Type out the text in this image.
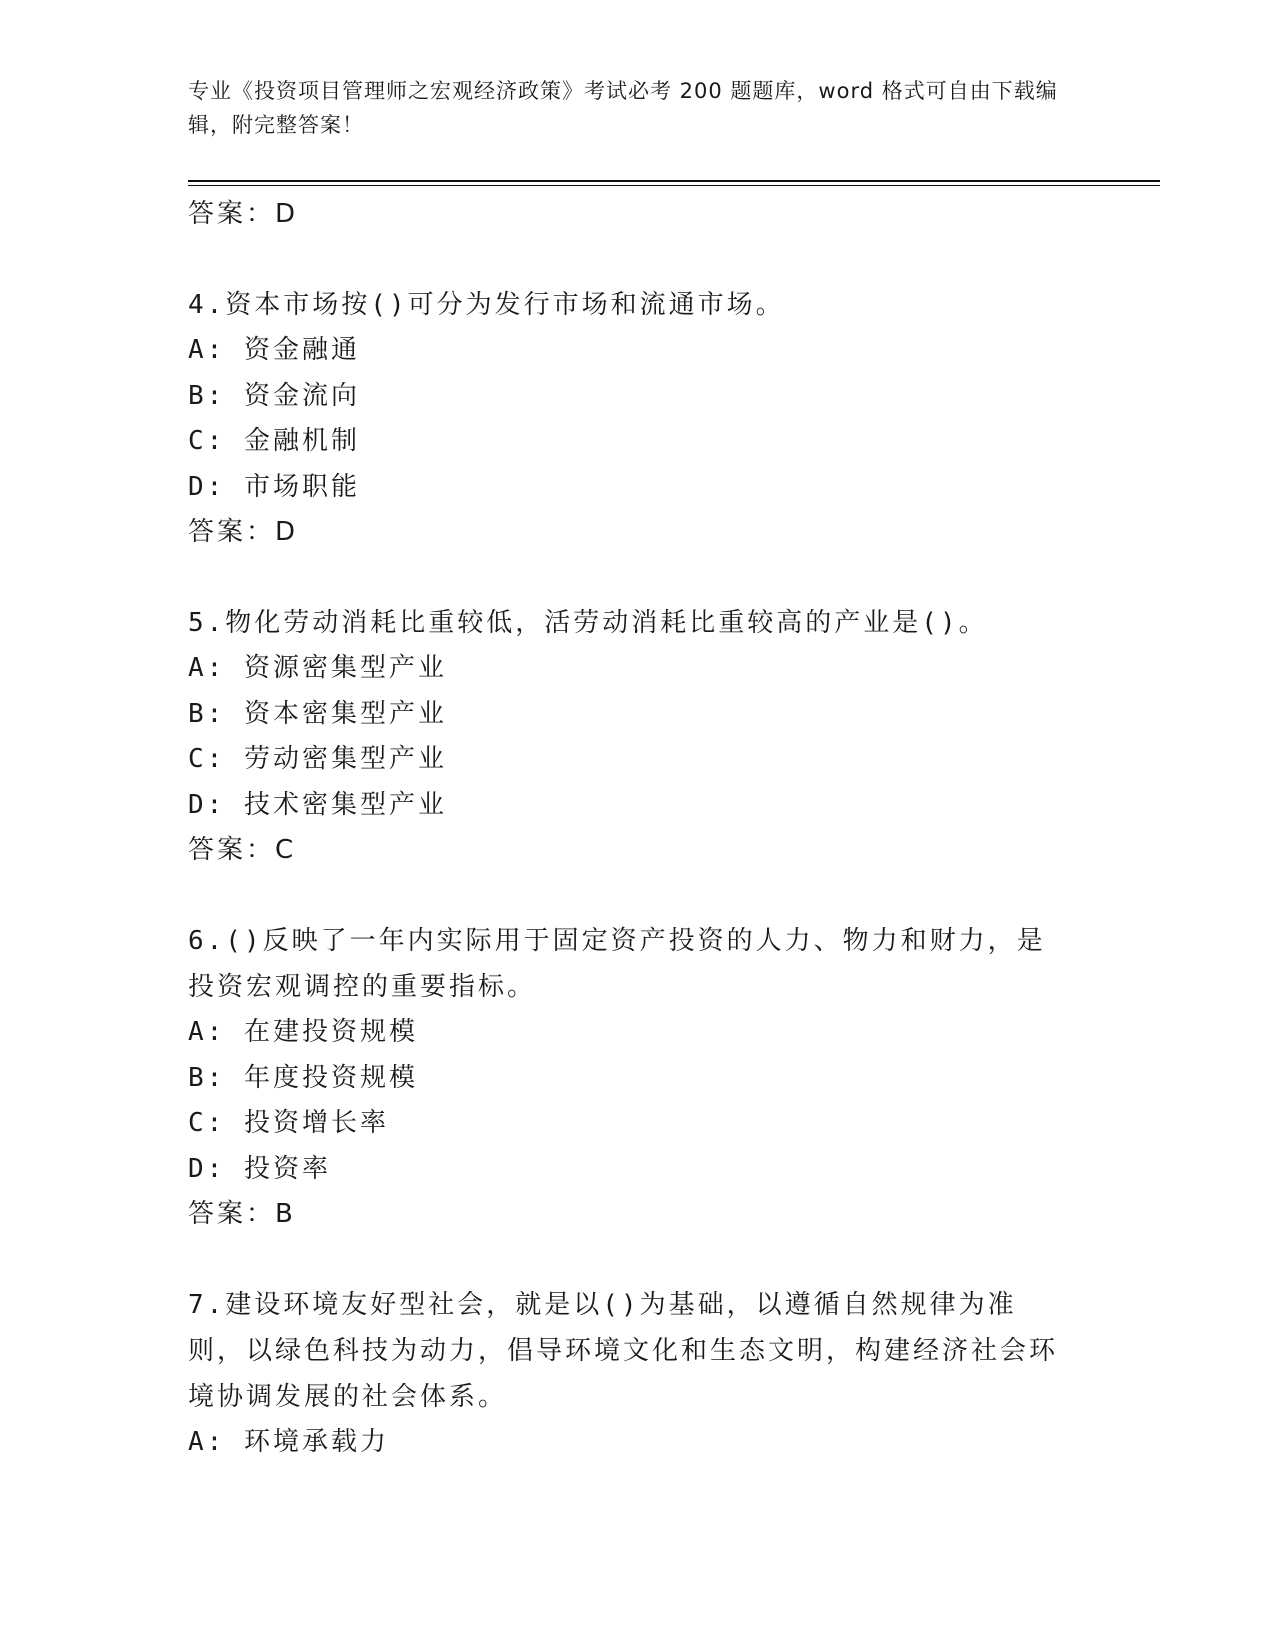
专业《投资项目管理师之宏观经济政策》考试必考 200 题题库，word 格式可自由下载编辑，附完整答案！
答案：D
4.资本市场按()可分为发行市场和流通市场。
A: 资金融通
B: 资金流向
C: 金融机制
D: 市场职能
答案：D
5.物化劳动消耗比重较低，活劳动消耗比重较高的产业是()。
A: 资源密集型产业
B: 资本密集型产业
C: 劳动密集型产业
D: 技术密集型产业
答案：C
6.()反映了一年内实际用于固定资产投资的人力、物力和财力，是投资宏观调控的重要指标。
A: 在建投资规模
B: 年度投资规模
C: 投资增长率
D: 投资率
答案：B
7.建设环境友好型社会，就是以()为基础，以遵循自然规律为准则，以绿色科技为动力，倡导环境文化和生态文明，构建经济社会环境协调发展的社会体系。
A: 环境承载力
